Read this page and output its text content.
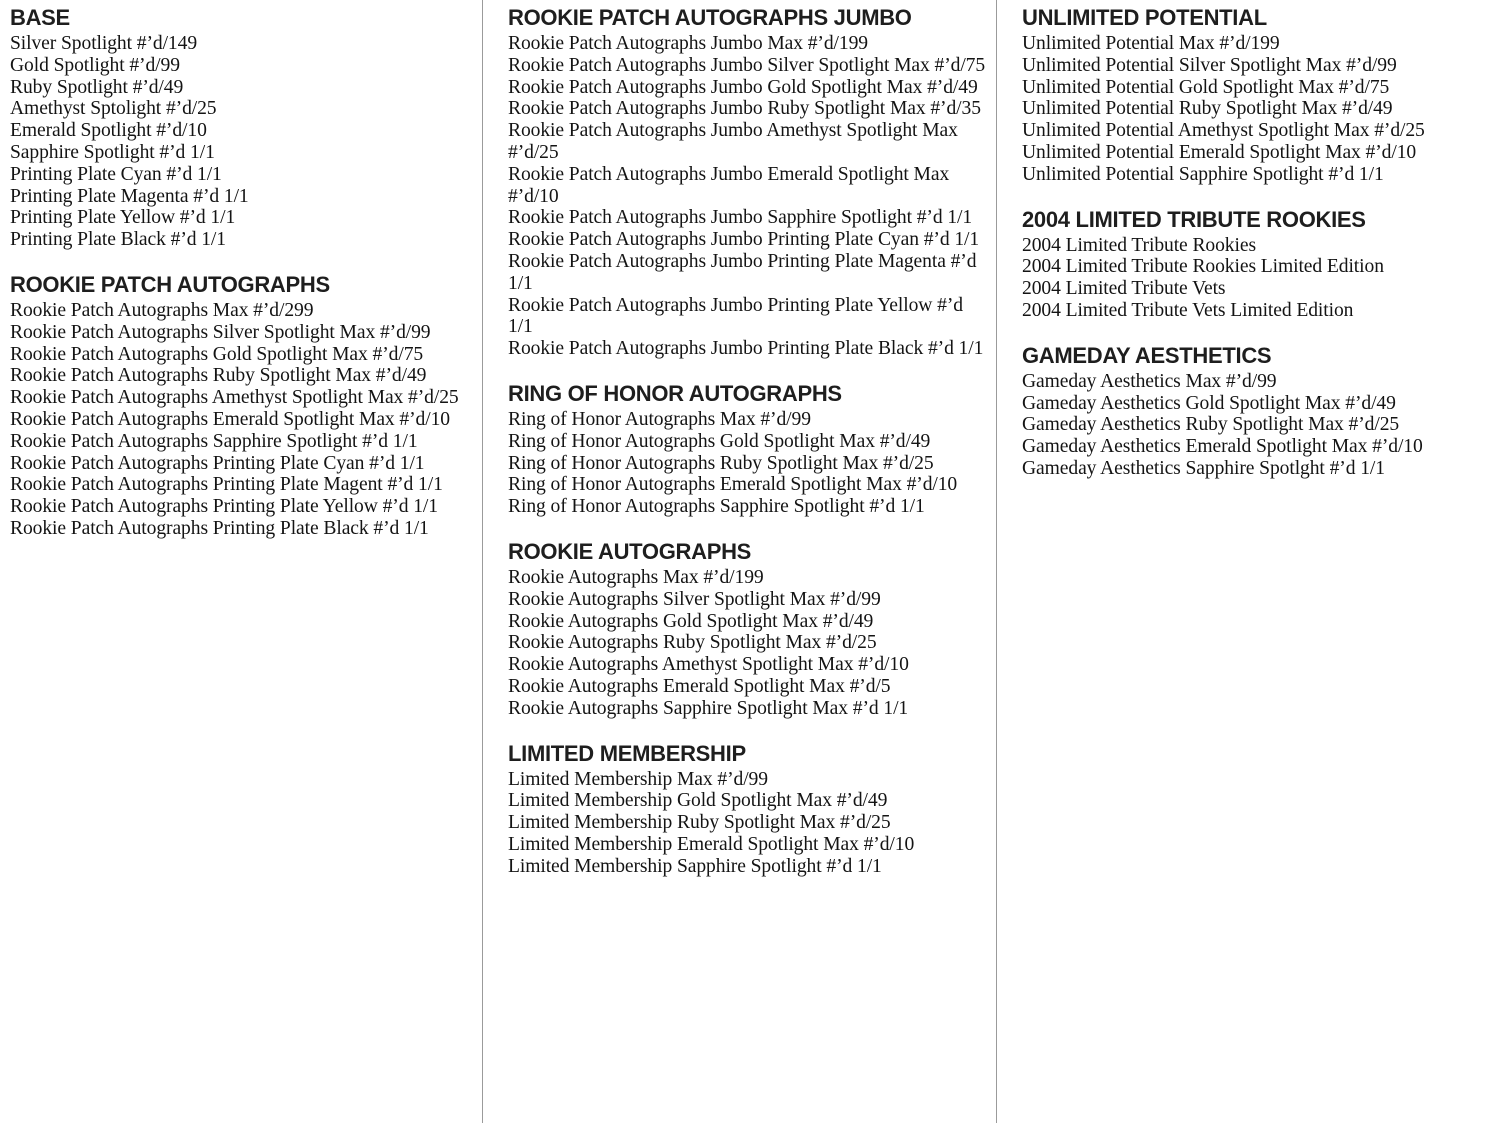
BASE
Silver Spotlight #’d/149
Gold Spotlight #’d/99
Ruby Spotlight #’d/49
Amethyst Sptolight #’d/25
Emerald Spotlight #’d/10
Sapphire Spotlight #’d 1/1
Printing Plate Cyan #’d 1/1
Printing Plate Magenta #’d 1/1
Printing Plate Yellow #’d 1/1
Printing Plate Black #’d 1/1
ROOKIE PATCH AUTOGRAPHS
Rookie Patch Autographs Max #’d/299
Rookie Patch Autographs Silver Spotlight Max #’d/99
Rookie Patch Autographs Gold Spotlight Max #’d/75
Rookie Patch Autographs Ruby Spotlight Max #’d/49
Rookie Patch Autographs Amethyst Spotlight Max #’d/25
Rookie Patch Autographs Emerald Spotlight Max #’d/10
Rookie Patch Autographs Sapphire Spotlight #’d 1/1
Rookie Patch Autographs Printing Plate Cyan #’d 1/1
Rookie Patch Autographs Printing Plate Magent #’d 1/1
Rookie Patch Autographs Printing Plate Yellow #’d 1/1
Rookie Patch Autographs Printing Plate Black #’d 1/1
ROOKIE PATCH AUTOGRAPHS JUMBO
Rookie Patch Autographs Jumbo Max #’d/199
Rookie Patch Autographs Jumbo Silver Spotlight Max #’d/75
Rookie Patch Autographs Jumbo Gold Spotlight Max #’d/49
Rookie Patch Autographs Jumbo Ruby Spotlight Max #’d/35
Rookie Patch Autographs Jumbo Amethyst Spotlight Max #’d/25
Rookie Patch Autographs Jumbo Emerald Spotlight Max #’d/10
Rookie Patch Autographs Jumbo Sapphire Spotlight #’d 1/1
Rookie Patch Autographs Jumbo Printing Plate Cyan #’d 1/1
Rookie Patch Autographs Jumbo Printing Plate Magenta #’d 1/1
Rookie Patch Autographs Jumbo Printing Plate Yellow #’d 1/1
Rookie Patch Autographs Jumbo Printing Plate Black #’d 1/1
RING OF HONOR AUTOGRAPHS
Ring of Honor Autographs Max #’d/99
Ring of Honor Autographs Gold Spotlight Max #’d/49
Ring of Honor Autographs Ruby Spotlight Max #’d/25
Ring of Honor Autographs Emerald Spotlight Max #’d/10
Ring of Honor Autographs Sapphire Spotlight #’d 1/1
ROOKIE AUTOGRAPHS
Rookie Autographs Max #’d/199
Rookie Autographs Silver Spotlight Max #’d/99
Rookie Autographs Gold Spotlight Max #’d/49
Rookie Autographs Ruby Spotlight Max #’d/25
Rookie Autographs Amethyst Spotlight Max #’d/10
Rookie Autographs Emerald Spotlight Max #’d/5
Rookie Autographs Sapphire Spotlight Max #’d 1/1
LIMITED MEMBERSHIP
Limited Membership Max #’d/99
Limited Membership Gold Spotlight Max #’d/49
Limited Membership Ruby Spotlight Max #’d/25
Limited Membership Emerald Spotlight Max #’d/10
Limited Membership Sapphire Spotlight #’d 1/1
UNLIMITED POTENTIAL
Unlimited Potential Max #’d/199
Unlimited Potential Silver Spotlight Max #’d/99
Unlimited Potential Gold Spotlight Max #’d/75
Unlimited Potential Ruby Spotlight Max #’d/49
Unlimited Potential Amethyst Spotlight Max #’d/25
Unlimited Potential Emerald Spotlight Max #’d/10
Unlimited Potential Sapphire Spotlight #’d 1/1
2004 LIMITED TRIBUTE ROOKIES
2004 Limited Tribute Rookies
2004 Limited Tribute Rookies Limited Edition
2004 Limited Tribute Vets
2004 Limited Tribute Vets Limited Edition
GAMEDAY AESTHETICS
Gameday Aesthetics Max #’d/99
Gameday Aesthetics Gold Spotlight Max #’d/49
Gameday Aesthetics Ruby Spotlight Max #’d/25
Gameday Aesthetics Emerald Spotlight Max #’d/10
Gameday Aesthetics Sapphire Spotlght #’d 1/1
